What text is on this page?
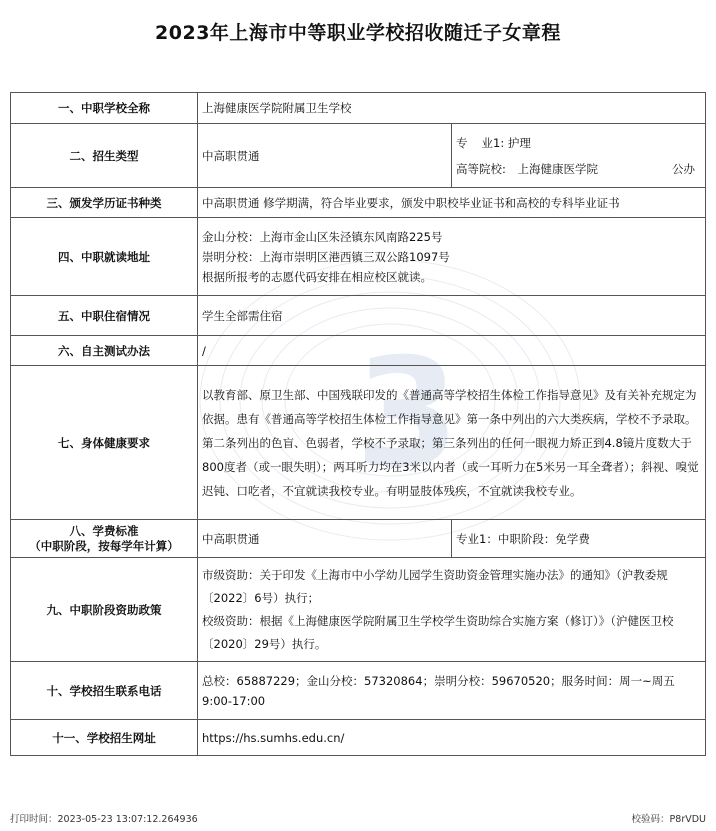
2023年上海市中等职业学校招收随迁子女章程
3
一、中职学校全称	上海健康医学院附属卫生学校	
二、招生类型	中高职贯通	专 业1: 护理
高等院校: 上海健康医学院 公办

三、颁发学历证书种类	中高职贯通 修学期满，符合毕业要求，颁发中职校毕业证书和高校的专科毕业证书	
四、中职就读地址	金山分校：上海市金山区朱泾镇东风南路225号
崇明分校：上海市崇明区港西镇三双公路1097号
根据所报考的志愿代码安排在相应校区就读。	

五、中职住宿情况	学生全部需住宿	
六、自主测试办法	/	
七、身体健康要求	以教育部、原卫生部、中国残联印发的《普通高等学校招生体检工作指导意见》及有关补充规定为依据。患有《普通高等学校招生体检工作指导意见》第一条中列出的六大类疾病，学校不予录取。第二条列出的色盲、色弱者，学校不予录取；第三条列出的任何一眼视力矫正到4.8镜片度数大于800度者（或一眼失明）；两耳听力均在3米以内者（或一耳听力在5米另一耳全聋者）；斜视、嗅觉迟钝、口吃者，不宜就读我校专业。有明显肢体残疾，不宜就读我校专业。	

八、学费标准
（中职阶段，按每学年计算）	中高职贯通	专业1：中职阶段：免学费
九、中职阶段资助政策	市级资助：关于印发《上海市中小学幼儿园学生资助资金管理实施办法》的通知》（沪教委规〔2022〕6号）执行；
校级资助：根据《上海健康医学院附属卫生学校学生资助综合实施方案（修订）》（沪健医卫校〔2020〕29号）执行。	

十、学校招生联系电话	总校：65887229；金山分校：57320864；崇明分校：59670520；服务时间：周一~周五 9:00-17:00	
十一、学校招生网址	https://hs.sumhs.edu.cn/	
打印时间：2023-05-23 13:07:12.264936	校验码：P8rVDU
